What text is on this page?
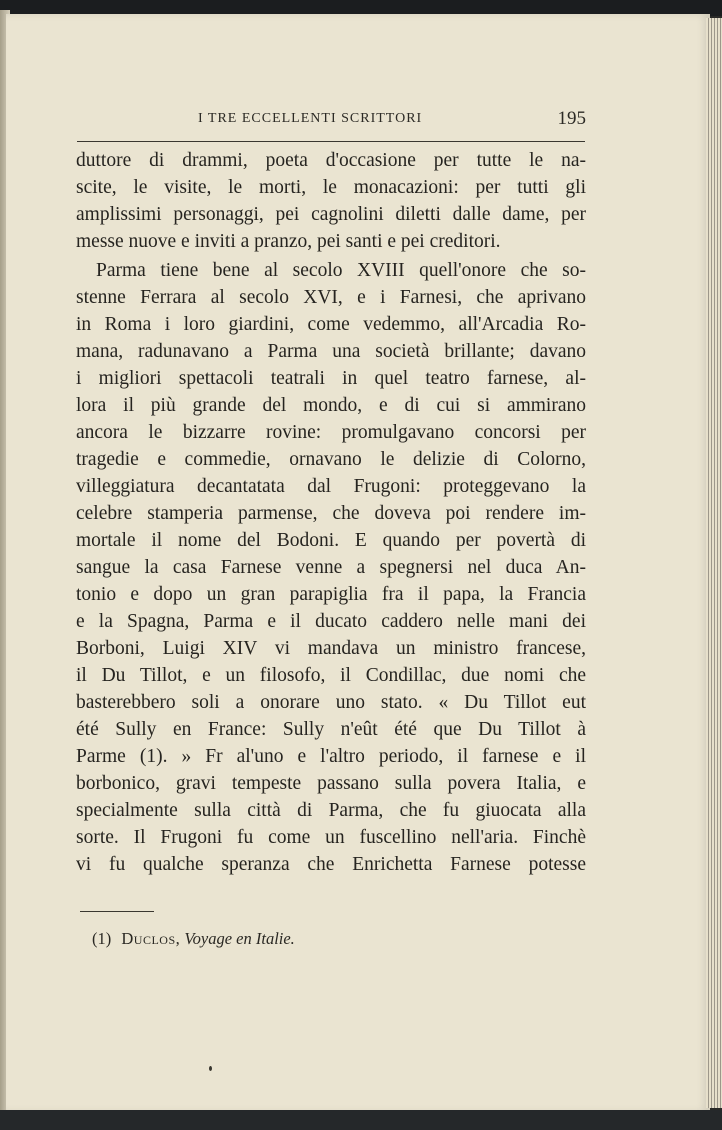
I TRE ECCELLENTI SCRITTORI	195
duttore di drammi, poeta d'occasione per tutte le na-
scite, le visite, le morti, le monacazioni: per tutti gli
amplissimi personaggi, pei cagnolini diletti dalle dame, per
messe nuove e inviti a pranzo, pei santi e pei creditori.
Parma tiene bene al secolo XVIII quell'onore che so-
stenne Ferrara al secolo XVI, e i Farnesi, che aprivano
in Roma i loro giardini, come vedemmo, all'Arcadia Ro-
mana, radunavano a Parma una società brillante; davano
i migliori spettacoli teatrali in quel teatro farnese, al-
lora il più grande del mondo, e di cui si ammirano
ancora le bizzarre rovine: promulgavano concorsi per
tragedie e commedie, ornavano le delizie di Colorno,
villeggiatura decantatata dal Frugoni: proteggevano la
celebre stamperia parmense, che doveva poi rendere im-
mortale il nome del Bodoni. E quando per povertà di
sangue la casa Farnese venne a spegnersi nel duca An-
tonio e dopo un gran parapiglia fra il papa, la Francia
e la Spagna, Parma e il ducato caddero nelle mani dei
Borboni, Luigi XIV vi mandava un ministro francese,
il Du Tillot, e un filosofo, il Condillac, due nomi che
basterebbero soli a onorare uno stato. « Du Tillot eut
été Sully en France: Sully n'eût été que Du Tillot à
Parme (1). » Fr al'uno e l'altro periodo, il farnese e il
borbonico, gravi tempeste passano sulla povera Italia, e
specialmente sulla città di Parma, che fu giuocata alla
sorte. Il Frugoni fu come un fuscellino nell'aria. Finchè
vi fu qualche speranza che Enrichetta Farnese potesse
(1) Duclos, Voyage en Italie.
